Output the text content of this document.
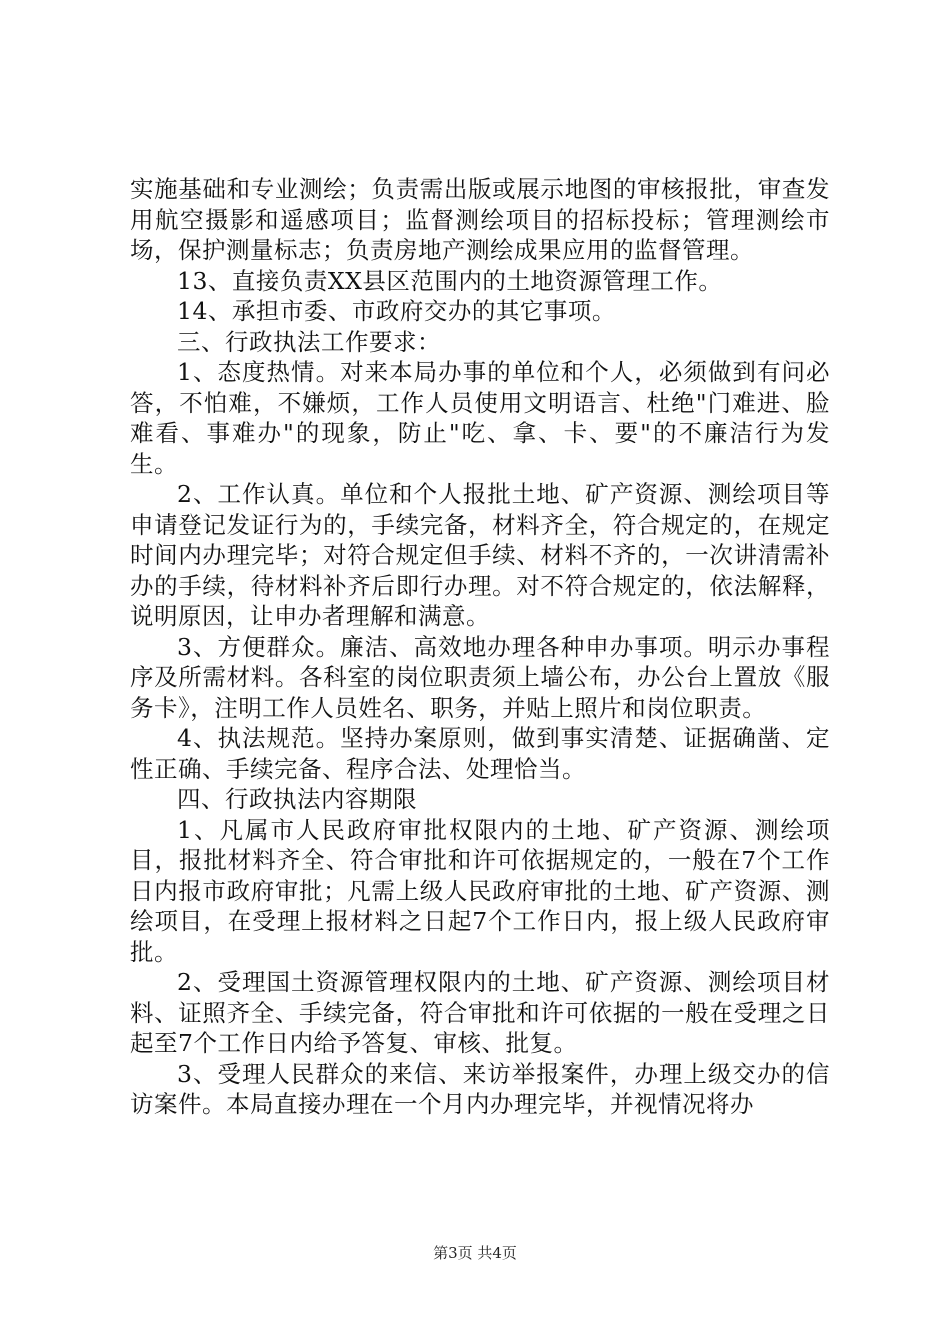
实施基础和专业测绘；负责需出版或展示地图的审核报批，审查发用航空摄影和遥感项目；监督测绘项目的招标投标；管理测绘市场，保护测量标志；负责房地产测绘成果应用的监督管理。

13、直接负责XX县区范围内的土地资源管理工作。

14、承担市委、市政府交办的其它事项。

三、行政执法工作要求：

1、态度热情。对来本局办事的单位和个人，必须做到有问必答，不怕难，不嫌烦，工作人员使用文明语言、杜绝"门难进、脸难看、事难办"的现象，防止"吃、拿、卡、要"的不廉洁行为发生。

2、工作认真。单位和个人报批土地、矿产资源、测绘项目等申请登记发证行为的，手续完备，材料齐全，符合规定的，在规定时间内办理完毕；对符合规定但手续、材料不齐的，一次讲清需补办的手续，待材料补齐后即行办理。对不符合规定的，依法解释，说明原因，让申办者理解和满意。

3、方便群众。廉洁、高效地办理各种申办事项。明示办事程序及所需材料。各科室的岗位职责须上墙公布，办公台上置放《服务卡》，注明工作人员姓名、职务，并贴上照片和岗位职责。

4、执法规范。坚持办案原则，做到事实清楚、证据确凿、定性正确、手续完备、程序合法、处理恰当。

四、行政执法内容期限

1、凡属市人民政府审批权限内的土地、矿产资源、测绘项目，报批材料齐全、符合审批和许可依据规定的，一般在7个工作日内报市政府审批；凡需上级人民政府审批的土地、矿产资源、测绘项目，在受理上报材料之日起7个工作日内，报上级人民政府审批。

2、受理国土资源管理权限内的土地、矿产资源、测绘项目材料、证照齐全、手续完备，符合审批和许可依据的一般在受理之日起至7个工作日内给予答复、审核、批复。

3、受理人民群众的来信、来访举报案件，办理上级交办的信访案件。本局直接办理在一个月内办理完毕，并视情况将办

第3页 共4页
